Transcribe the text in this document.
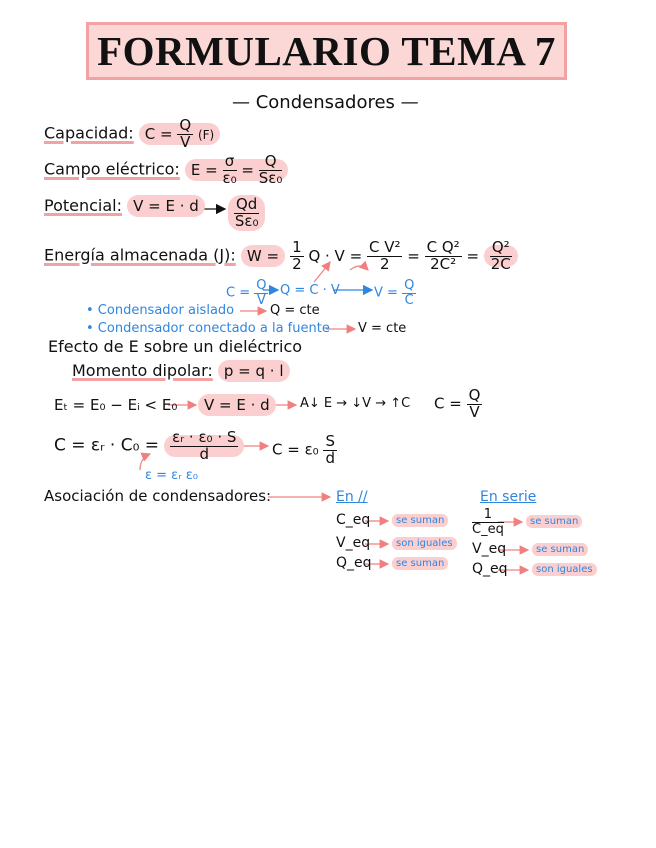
FORMULARIO TEMA 7
— Condensadores —
Capacidad: $C = \frac{Q}{V} (F)$
Campo eléctrico: $E = \frac{\sigma}{\text{ε₀}} = \frac{Q}{\text{Sε₀}}$
Potencial: V = E · d	$\frac{Qd}{\text{Sε₀}}$
Energía almacenada (J): $W = \frac{1}{2}$ $Q \cdot V = \frac{\text{C V²}}{2} = \frac{\text{C Q²}}{\text{2C²}} = \frac{\text{Q²}}{2C}$
$C = \frac{Q}{V}$ Q = C · V	$V = \frac{Q}{C}$
• Condensador aislado	Q = cte
• Condensador conectado a la fuente V = cte
Efecto de E sobre un dieléctrico
Momento dipolar: p = q · l
Eₜ = E₀ − Eᵢ < E₀	V = E · d	A↓ E → ↓V → ↑C $C = \frac{Q}{V}$
C = εᵣ · $C_0 = \frac{\text{εᵣ · ε₀ · S}}{d}$ $C = \varepsilon_0 \frac{S}{d}$
ε = εᵣ ε₀
Asociación de condensadores:	En //
C_eq	se suman
V_eq	son iguales
Q_eq	se suman
En serie
$\frac{1}{C\_eq}$	se suman
V_eq	se suman
Q_eq	son iguales
